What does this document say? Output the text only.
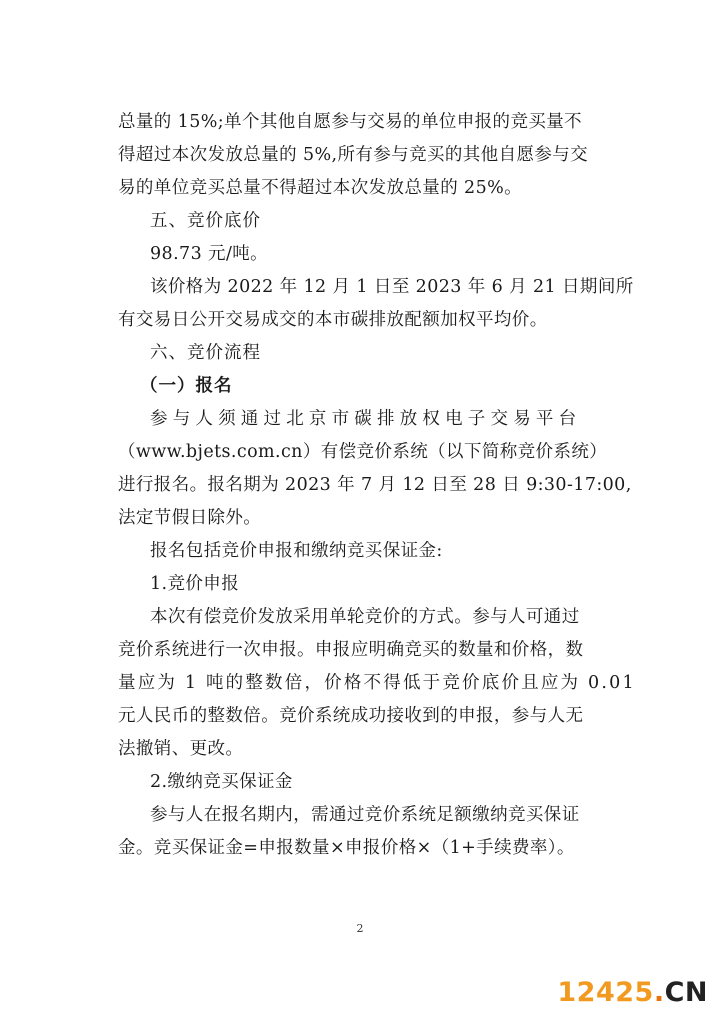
总量的 15%;单个其他自愿参与交易的单位申报的竞买量不
得超过本次发放总量的 5%,所有参与竞买的其他自愿参与交
易的单位竞买总量不得超过本次发放总量的 25%。
五、竞价底价
98.73 元/吨。
该价格为 2022 年 12 月 1 日至 2023 年 6 月 21 日期间所
有交易日公开交易成交的本市碳排放配额加权平均价。
六、竞价流程
（一）报名
参与人须通过北京市碳排放权电子交易平台
（www.bjets.com.cn）有偿竞价系统（以下简称竞价系统）
进行报名。报名期为 2023 年 7 月 12 日至 28 日 9:30-17:00,
法定节假日除外。
报名包括竞价申报和缴纳竞买保证金:
1.竞价申报
本次有偿竞价发放采用单轮竞价的方式。参与人可通过
竞价系统进行一次申报。申报应明确竞买的数量和价格，数
量应为 1 吨的整数倍，价格不得低于竞价底价且应为 0.01
元人民币的整数倍。竞价系统成功接收到的申报，参与人无
法撤销、更改。
2.缴纳竞买保证金
参与人在报名期内，需通过竞价系统足额缴纳竞买保证
金。竞买保证金=申报数量×申报价格×（1+手续费率）。
2
12425.CN
